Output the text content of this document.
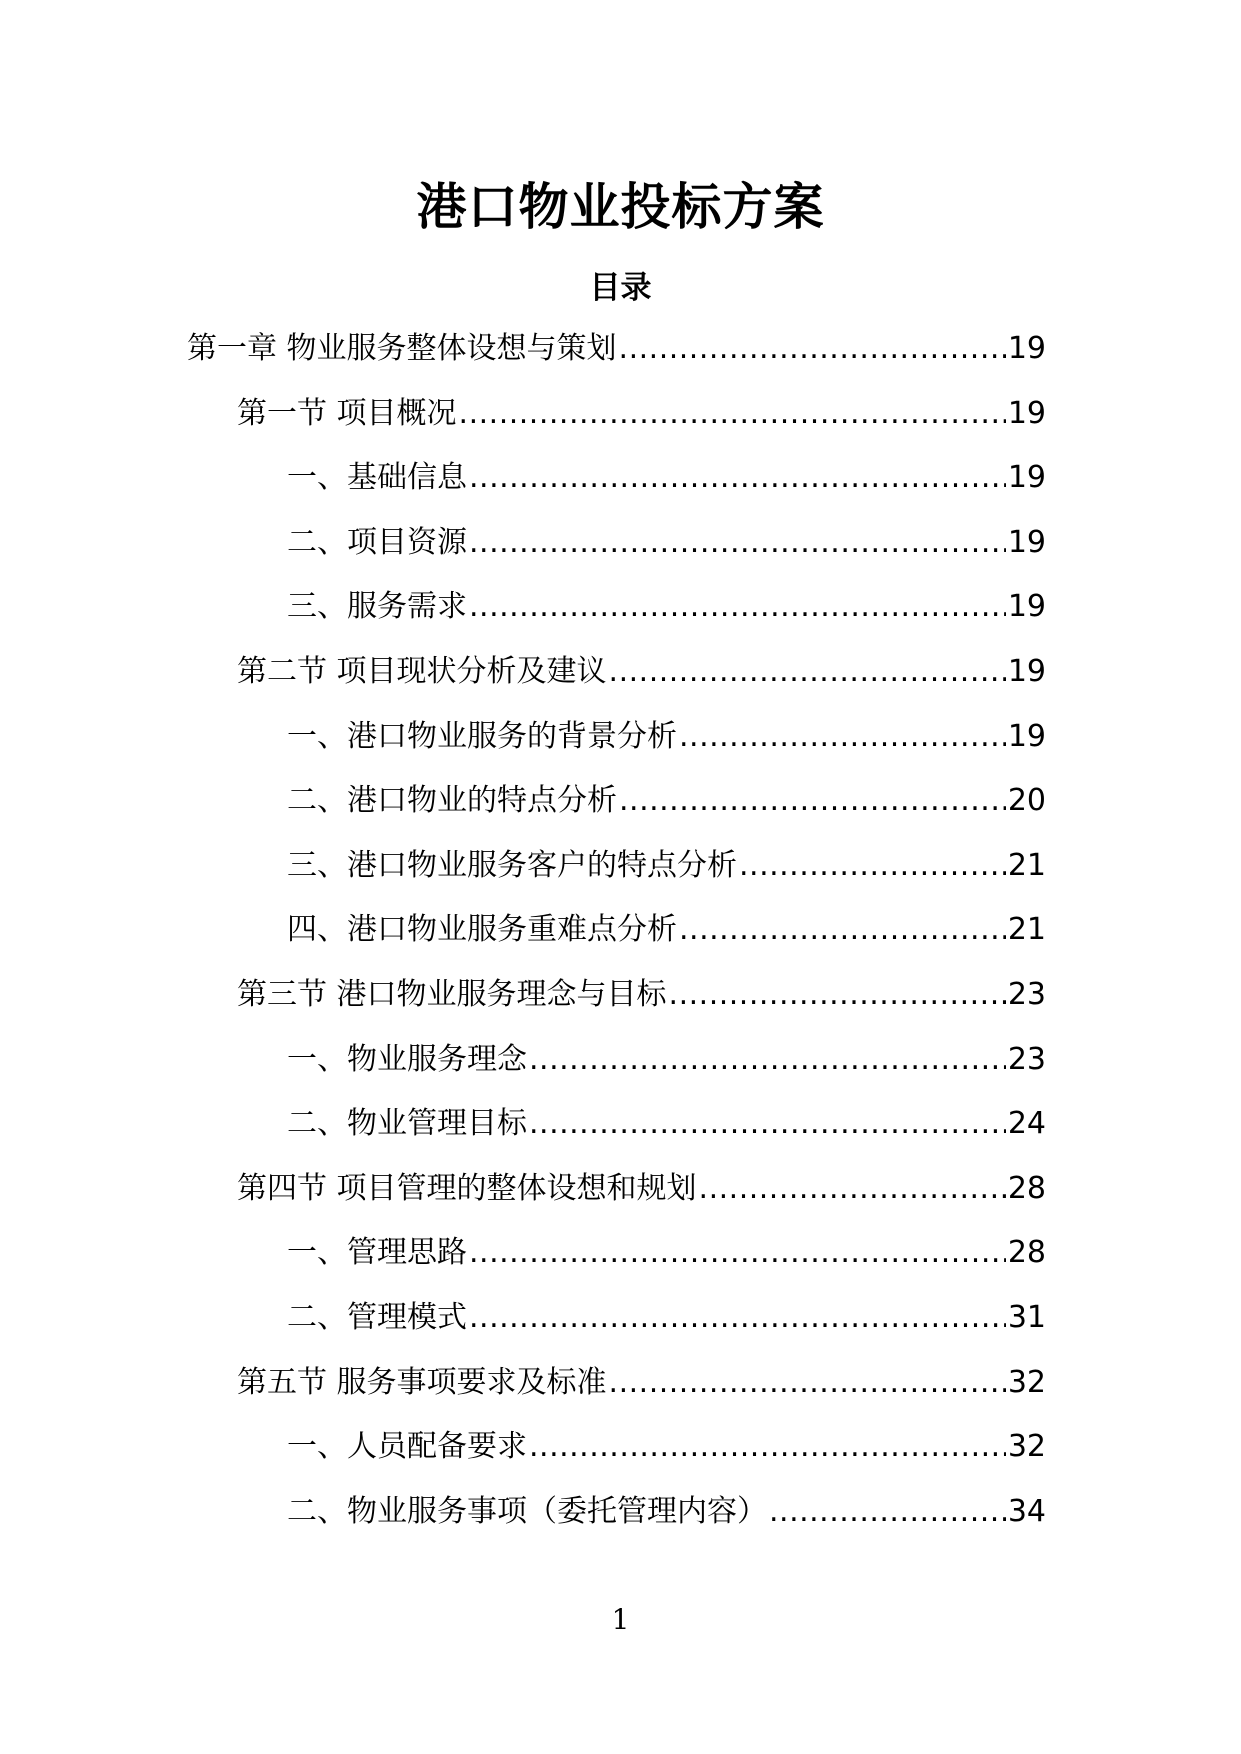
港口物业投标方案
目录
第一章 物业服务整体设想与策划 .....	19
第一节 项目概况 .....	19
一、基础信息 .....	19
二、项目资源 .....	19
三、服务需求 .....	19
第二节 项目现状分析及建议 .....	19
一、港口物业服务的背景分析 .....	19
二、港口物业的特点分析 .....	20
三、港口物业服务客户的特点分析 .....	21
四、港口物业服务重难点分析 .....	21
第三节 港口物业服务理念与目标 .....	23
一、物业服务理念 .....	23
二、物业管理目标 .....	24
第四节 项目管理的整体设想和规划 .....	28
一、管理思路 .....	28
二、管理模式 .....	31
第五节 服务事项要求及标准 .....	32
一、人员配备要求 .....	32
二、物业服务事项（委托管理内容） .....	34
1
